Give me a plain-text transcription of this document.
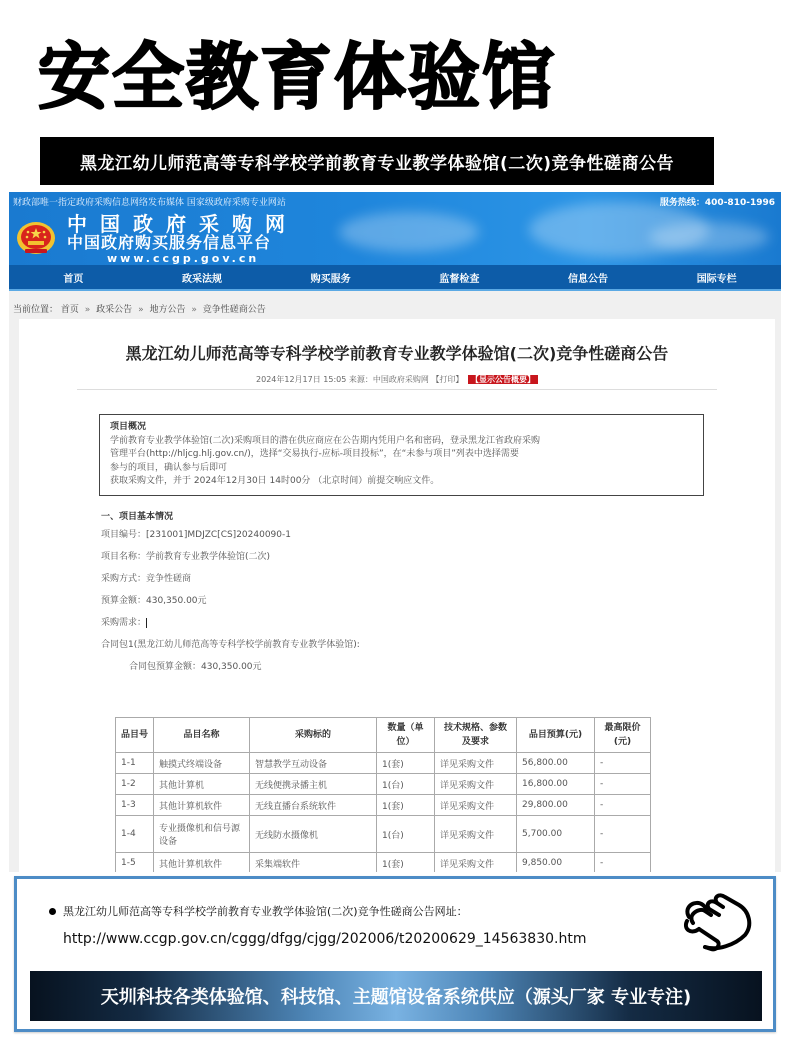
安全教育体验馆
黑龙江幼儿师范高等专科学校学前教育专业教学体验馆(二次)竞争性磋商公告
财政部唯一指定政府采购信息网络发布媒体 国家级政府采购专业网站	服务热线：400-810-1996
中国政府采购网
中国政府购买服务信息平台
www.ccgp.gov.cn
首页	政采法规	购买服务	监督检查	信息公告	国际专栏
当前位置： 首页 » 政采公告 » 地方公告 » 竞争性磋商公告
黑龙江幼儿师范高等专科学校学前教育专业教学体验馆(二次)竞争性磋商公告
2024年12月17日 15:05 来源：中国政府采购网 【打印】 【显示公告概要】
项目概况
学前教育专业教学体验馆(二次)采购项目的潜在供应商应在公告期内凭用户名和密码，登录黑龙江省政府采购
管理平台(http://hljcg.hlj.gov.cn/)，选择“交易执行-应标-项目投标”，在“未参与项目”列表中选择需要
参与的项目，确认参与后即可
获取采购文件，并于 2024年12月30日 14时00分 （北京时间）前提交响应文件。
一、项目基本情况
项目编号：[231001]MDJZC[CS]20240090-1
项目名称：学前教育专业教学体验馆(二次)
采购方式：竞争性磋商
预算金额：430,350.00元
采购需求：
合同包1(黑龙江幼儿师范高等专科学校学前教育专业教学体验馆):
合同包预算金额：430,350.00元
品目号	品目名称	采购标的	数量（单位）	技术规格、参数及要求	品目预算(元)	最高限价(元)
1-1	触摸式终端设备	智慧教学互动设备	1(套)	详见采购文件	56,800.00	-
1-2	其他计算机	无线便携录播主机	1(台)	详见采购文件	16,800.00	-
1-3	其他计算机软件	无线直播台系统软件	1(套)	详见采购文件	29,800.00	-
1-4	专业摄像机和信号源设备	无线防水摄像机	1(台)	详见采购文件	5,700.00	-
1-5	其他计算机软件	采集端软件	1(套)	详见采购文件	9,850.00	-
黑龙江幼儿师范高等专科学校学前教育专业教学体验馆(二次)竞争性磋商公告网址：
http://www.ccgp.gov.cn/cggg/dfgg/cjgg/202006/t20200629_14563830.htm
天圳科技各类体验馆、科技馆、主题馆设备系统供应（源头厂家 专业专注)
